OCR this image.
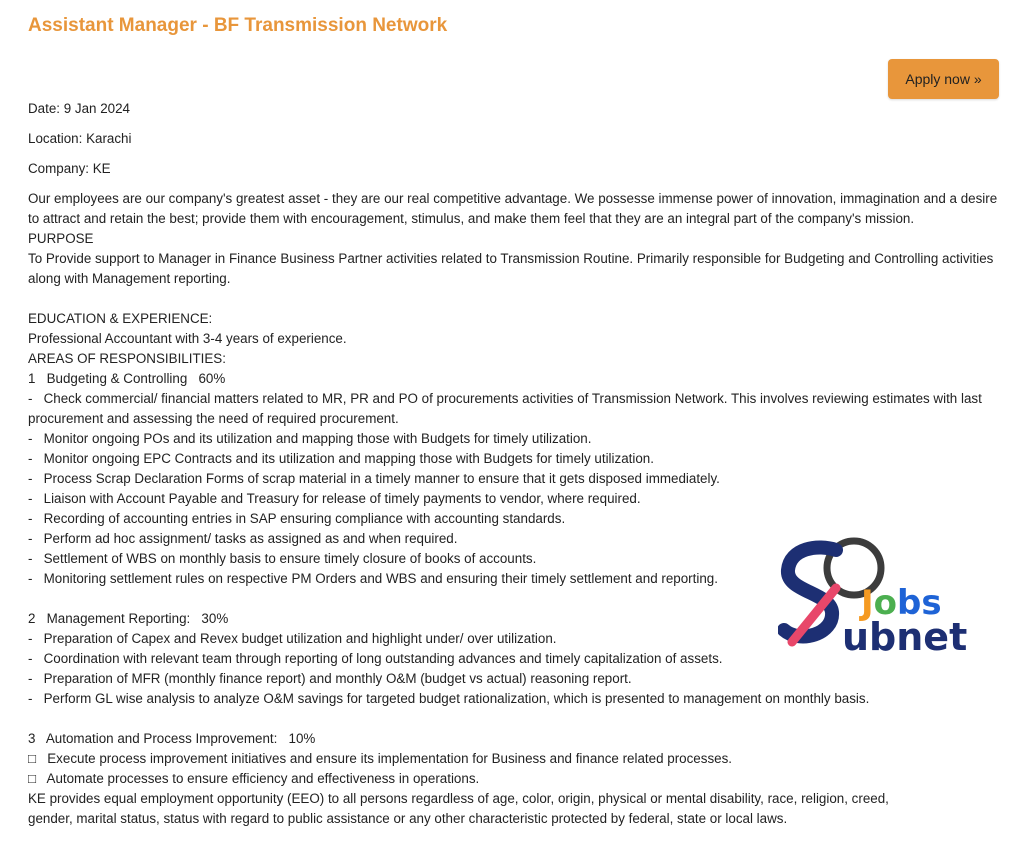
Assistant Manager - BF Transmission Network
Apply now »

Date: 9 Jan 2024

Location: Karachi

Company: KE

Our employees are our company's greatest asset - they are our real competitive advantage. We possesse immense power of innovation, immagination and a desire to attract and retain the best; provide them with encouragement, stimulus, and make them feel that they are an integral part of the company's mission.

PURPOSE

To Provide support to Manager in Finance Business Partner activities related to Transmission Routine. Primarily responsible for Budgeting and Controlling activities along with Management reporting.

EDUCATION & EXPERIENCE:

Professional Accountant with 3-4 years of experience.

AREAS OF RESPONSIBILITIES:

1   Budgeting & Controlling   60%

-   Check commercial/ financial matters related to MR, PR and PO of procurements activities of Transmission Network. This involves reviewing estimates with last procurement and assessing the need of required procurement.

-   Monitor ongoing POs and its utilization and mapping those with Budgets for timely utilization.

-   Monitor ongoing EPC Contracts and its utilization and mapping those with Budgets for timely utilization.

-   Process Scrap Declaration Forms of scrap material in a timely manner to ensure that it gets disposed immediately.

-   Liaison with Account Payable and Treasury for release of timely payments to vendor, where required.

-   Recording of accounting entries in SAP ensuring compliance with accounting standards.

-   Perform ad hoc assignment/ tasks as assigned as and when required.

-   Settlement of WBS on monthly basis to ensure timely closure of books of accounts.

-   Monitoring settlement rules on respective PM Orders and WBS and ensuring their timely settlement and reporting.

2   Management Reporting:   30%

-   Preparation of Capex and Revex budget utilization and highlight under/ over utilization.

-   Coordination with relevant team through reporting of long outstanding advances and timely capitalization of assets.

-   Preparation of MFR (monthly finance report) and monthly O&M (budget vs actual) reasoning report.

-   Perform GL wise analysis to analyze O&M savings for targeted budget rationalization, which is presented to management on monthly basis.

3   Automation and Process Improvement:   10%

□   Execute process improvement initiatives and ensure its implementation for Business and finance related processes.

□   Automate processes to ensure efficiency and effectiveness in operations.

KE provides equal employment opportunity (EEO) to all persons regardless of age, color, origin, physical or mental disability, race, religion, creed,

gender, marital status, status with regard to public assistance or any other characteristic protected by federal, state or local laws.

Jobs
ubnet
